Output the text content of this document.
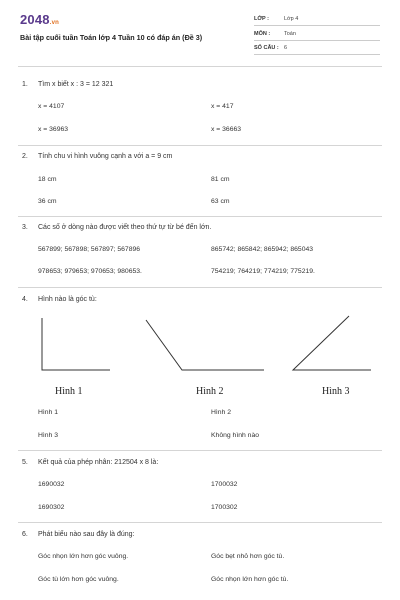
2048.vn
Bài tập cuối tuần Toán lớp 4 Tuần 10 có đáp án (Đề 3)
LỚP :	Lớp 4
MÔN :	Toán
SỐ CÂU : 6
1. Tìm x biết x : 3 = 12 321
x = 4107	x = 417
x = 36963	x = 36663
2. Tính chu vi hình vuông cạnh a với a = 9 cm
18 cm	81 cm
36 cm	63 cm
3. Các số ở dòng nào được viết theo thứ tự từ bé đến lớn.
567899; 567898; 567897; 567896	865742; 865842; 865942; 865043
978653; 979653; 970653; 980653.	754219; 764219; 774219; 775219.
4. Hình nào là góc tù:
Hình 1	Hình 2	Hình 3
Hình 1	Hình 2
Hình 3	Không hình nào
5. Kết quả của phép nhân: 212504 x 8 là:
1690032	1700032
1690302	1700302
6. Phát biểu nào sau đây là đúng:
Góc nhọn lớn hơn góc vuông.	Góc bẹt nhỏ hơn góc tù.
Góc tù lớn hơn góc vuông.	Góc nhọn lớn hơn góc tù.
